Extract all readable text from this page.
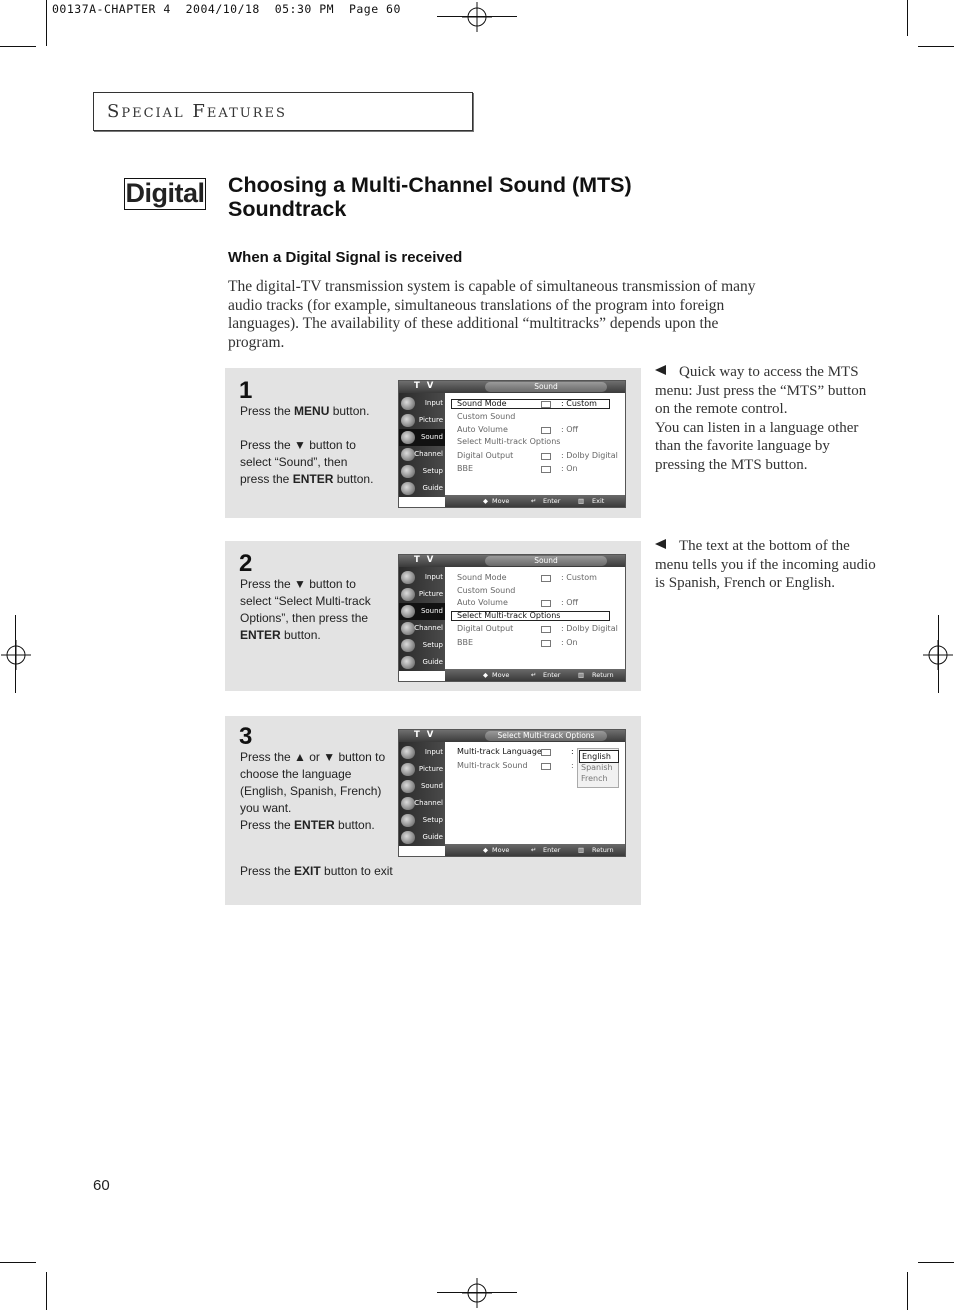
00137A-CHAPTER 4  2004/10/18  05:30 PM  Page 60
SPECIAL FEATURES
Digital Choosing a Multi-Channel Sound (MTS)
Soundtrack
When a Digital Signal is received
The digital-TV transmission system is capable of simultaneous transmission of many audio tracks (for example, simultaneous translations of the program into foreign languages). The availability of these additional “multitracks” depends upon the program.
1
Press the MENU button.
Press the ▼ button to
select “Sound”, then
press the ENTER button.
T V	Sound
Input
Picture
Sound
Channel
Setup
Guide
Sound Mode	: Custom
Custom Sound
Auto Volume	: Off
Select Multi-track Options
Digital Output	: Dolby Digital
BBE	: On
◆ Move	↵ Enter	▥ Exit
2
Press the ▼ button to
select “Select Multi-track
Options”, then press the
ENTER button.
T V	Sound
Input
Picture
Sound
Channel
Setup
Guide
Sound Mode	: Custom
Custom Sound
Auto Volume	: Off
Select Multi-track Options
Digital Output	: Dolby Digital
BBE	: On
◆ Move	↵ Enter	▥ Return
3
Press the ▲ or ▼ button to
choose the language
(English, Spanish, French)
you want.
Press the ENTER button.
Press the EXIT button to exit
T V	Select Multi-track Options
Input
Picture
Sound
Channel
Setup
Guide
Multi-track Language	:
Multi-track Sound	:
English
Spanish
French
◆ Move	↵ Enter	▥ Return
Quick way to access the MTS menu: Just press the “MTS” button on the remote control.
You can listen in a language other than the favorite language by pressing the MTS button.
The text at the bottom of the menu tells you if the incoming audio is Spanish, French or English.
60
